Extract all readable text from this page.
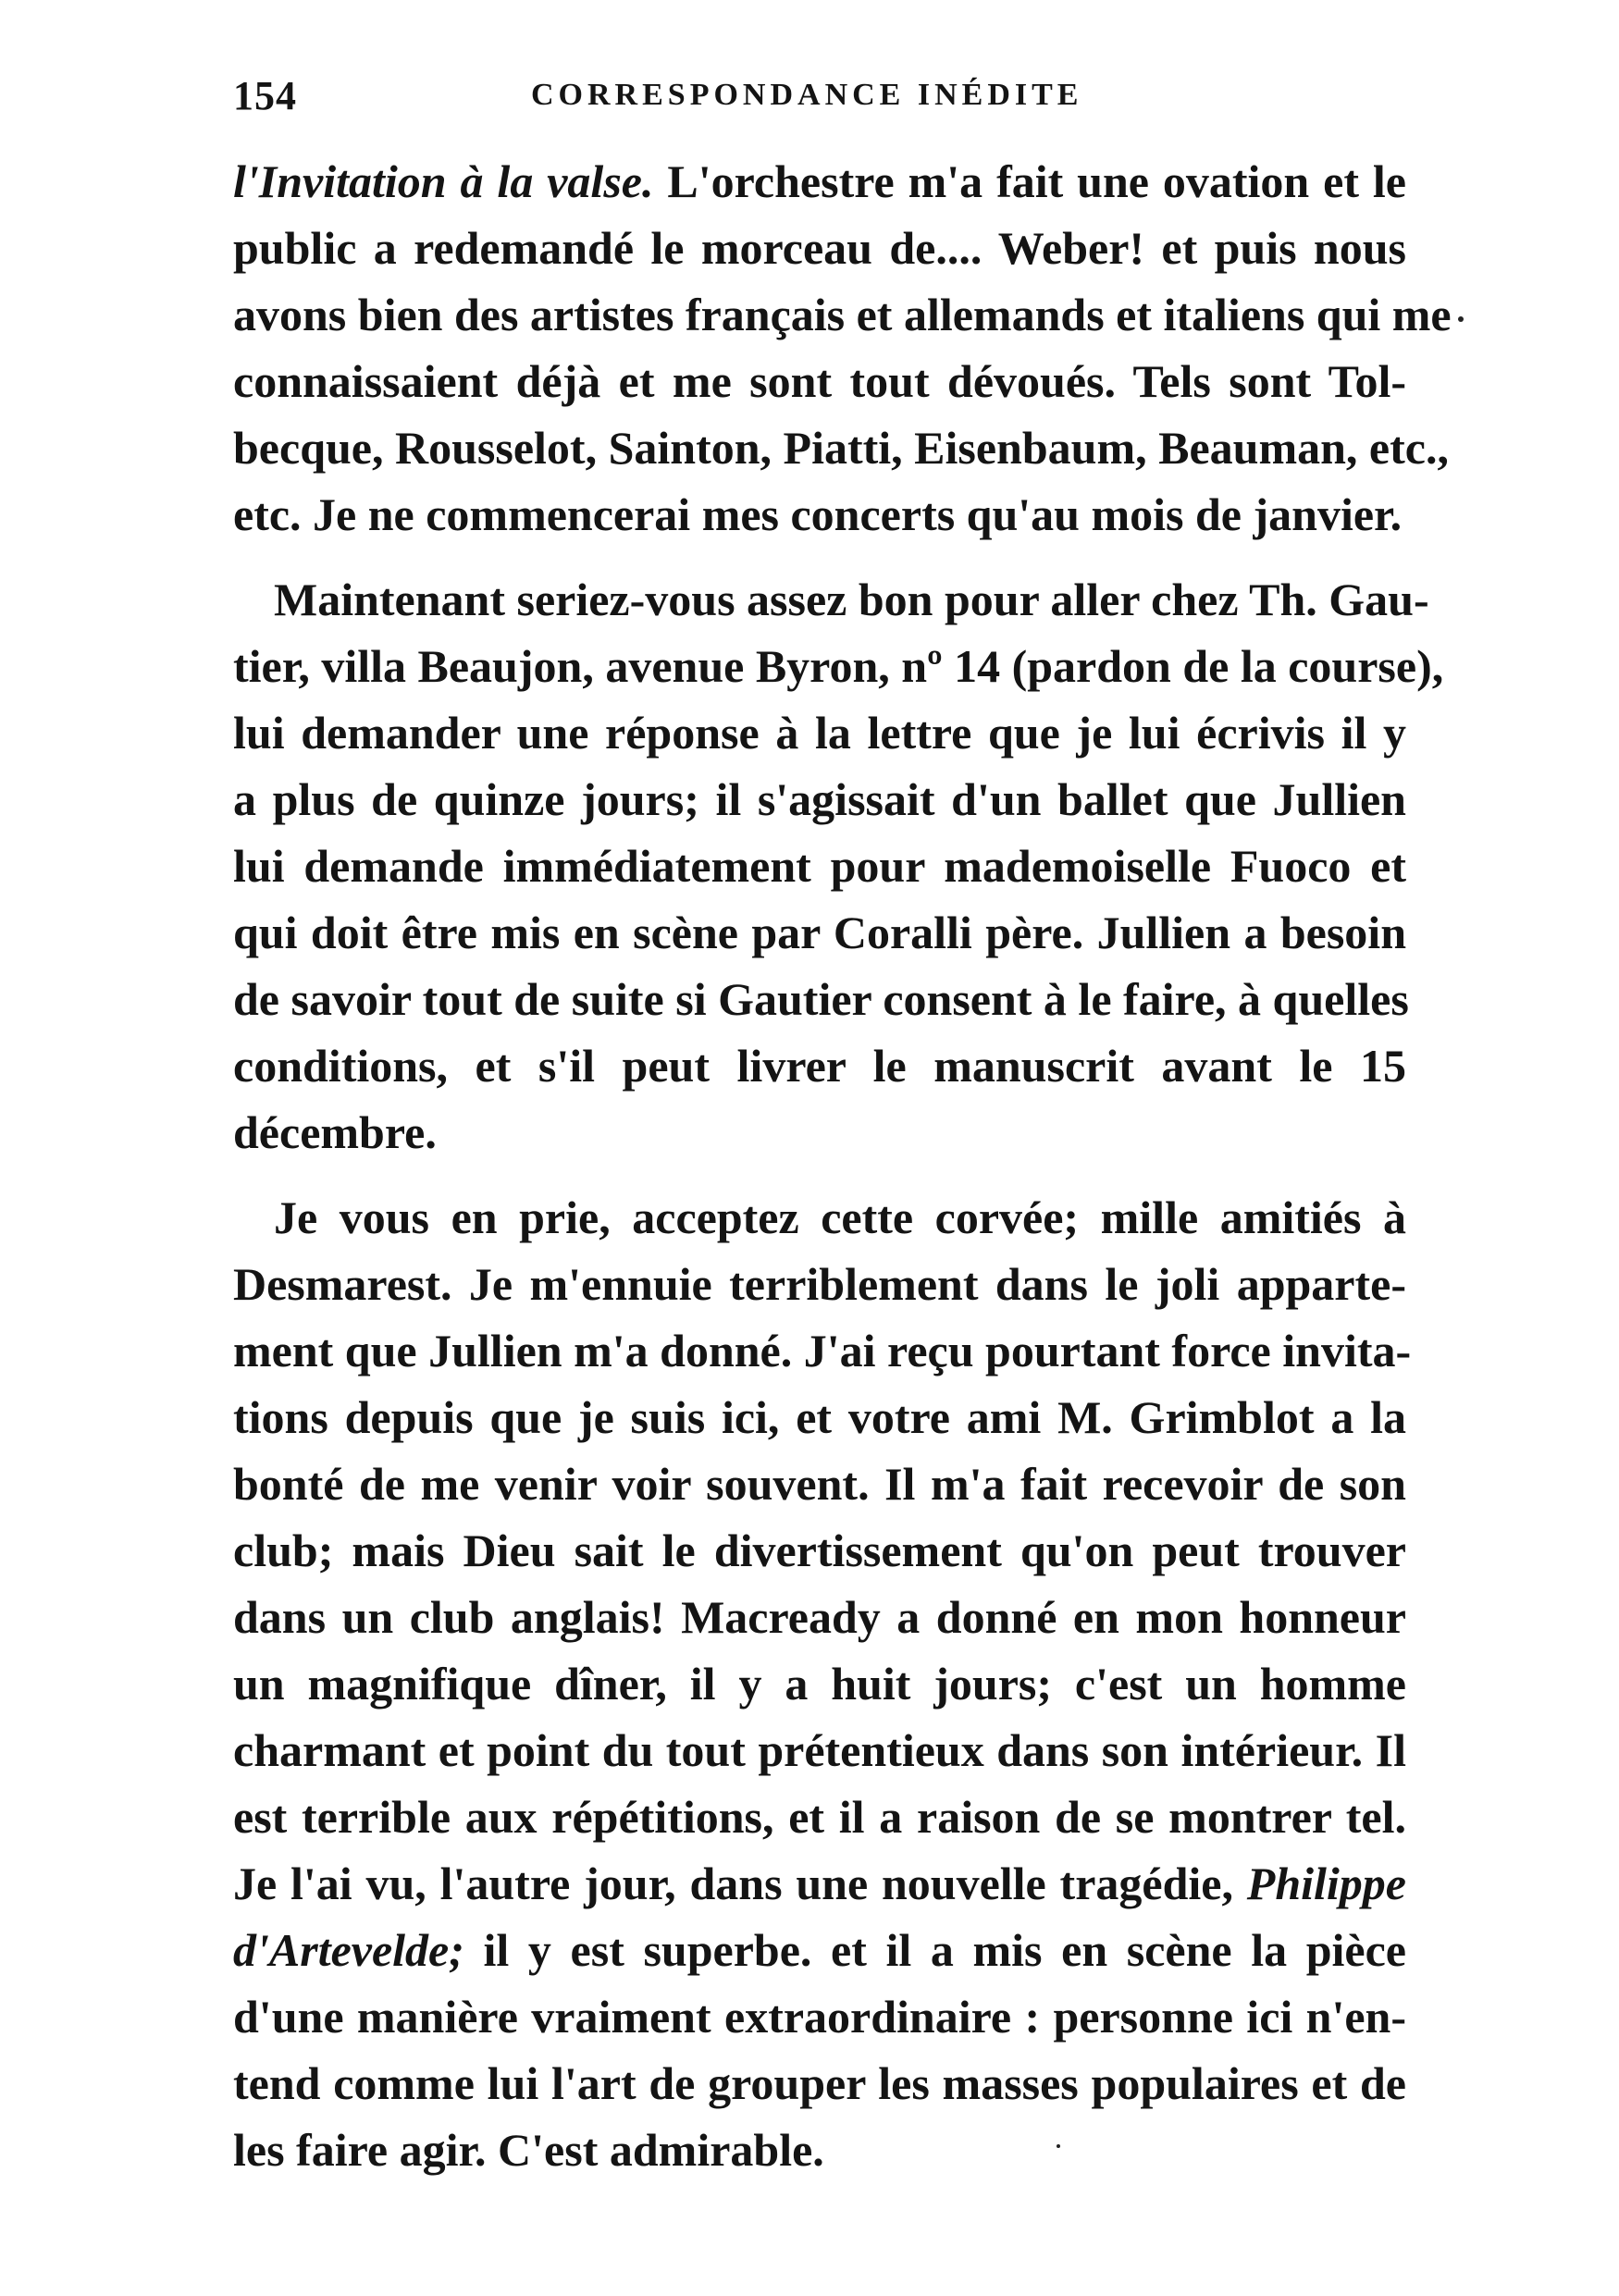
154	CORRESPONDANCE INÉDITE
l'Invitation à la valse. L'orchestre m'a fait une ovation et le
public a redemandé le morceau de.... Weber! et puis nous
avons bien des artistes français et allemands et italiens qui me
connaissaient déjà et me sont tout dévoués. Tels sont Tol-
becque, Rousselot, Sainton, Piatti, Eisenbaum, Beauman, etc.,
etc. Je ne commencerai mes concerts qu'au mois de janvier.
Maintenant seriez-vous assez bon pour aller chez Th. Gau-
tier, villa Beaujon, avenue Byron, nº 14 (pardon de la course),
lui demander une réponse à la lettre que je lui écrivis il y
a plus de quinze jours; il s'agissait d'un ballet que Jullien
lui demande immédiatement pour mademoiselle Fuoco et
qui doit être mis en scène par Coralli père. Jullien a besoin
de savoir tout de suite si Gautier consent à le faire, à quelles
conditions, et s'il peut livrer le manuscrit avant le 15
décembre.
Je vous en prie, acceptez cette corvée; mille amitiés à
Desmarest. Je m'ennuie terriblement dans le joli apparte-
ment que Jullien m'a donné. J'ai reçu pourtant force invita-
tions depuis que je suis ici, et votre ami M. Grimblot a la
bonté de me venir voir souvent. Il m'a fait recevoir de son
club; mais Dieu sait le divertissement qu'on peut trouver
dans un club anglais! Macready a donné en mon honneur
un magnifique dîner, il y a huit jours; c'est un homme
charmant et point du tout prétentieux dans son intérieur. Il
est terrible aux répétitions, et il a raison de se montrer tel.
Je l'ai vu, l'autre jour, dans une nouvelle tragédie, Philippe
d'Artevelde; il y est superbe. et il a mis en scène la pièce
d'une manière vraiment extraordinaire : personne ici n'en-
tend comme lui l'art de grouper les masses populaires et de
les faire agir. C'est admirable.
